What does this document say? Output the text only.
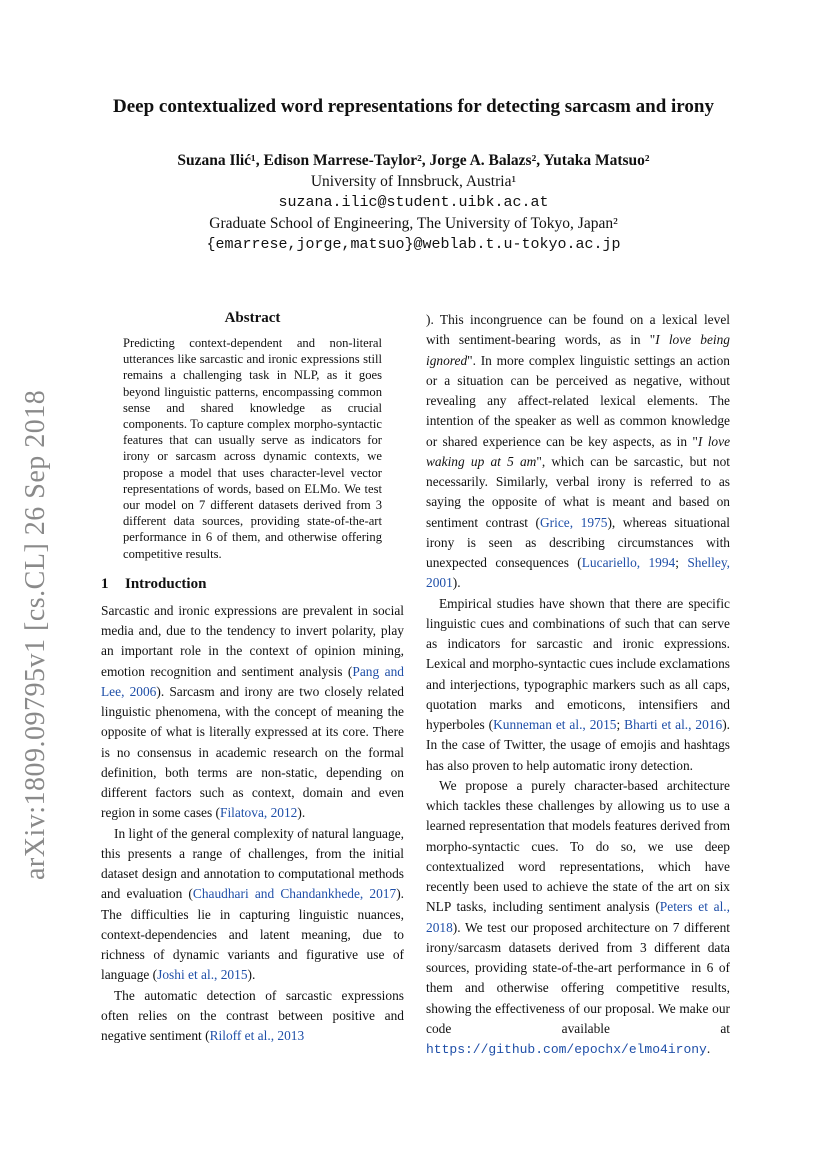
arXiv:1809.09795v1 [cs.CL] 26 Sep 2018
Deep contextualized word representations for detecting sarcasm and irony
Suzana Ilić¹, Edison Marrese-Taylor², Jorge A. Balazs², Yutaka Matsuo²
University of Innsbruck, Austria¹
suzana.ilic@student.uibk.ac.at
Graduate School of Engineering, The University of Tokyo, Japan²
{emarrese,jorge,matsuo}@weblab.t.u-tokyo.ac.jp
Abstract

Predicting context-dependent and non-literal utterances like sarcastic and ironic expressions still remains a challenging task in NLP, as it goes beyond linguistic patterns, encompassing common sense and shared knowledge as crucial components. To capture complex morpho-syntactic features that can usually serve as indicators for irony or sarcasm across dynamic contexts, we propose a model that uses character-level vector representations of words, based on ELMo. We test our model on 7 different datasets derived from 3 different data sources, providing state-of-the-art performance in 6 of them, and otherwise offering competitive results.

1 Introduction

Sarcastic and ironic expressions are prevalent in social media and, due to the tendency to invert polarity, play an important role in the context of opinion mining, emotion recognition and sentiment analysis (Pang and Lee, 2006). Sarcasm and irony are two closely related linguistic phenomena, with the concept of meaning the opposite of what is literally expressed at its core. There is no consensus in academic research on the formal definition, both terms are non-static, depending on different factors such as context, domain and even region in some cases (Filatova, 2012).

In light of the general complexity of natural language, this presents a range of challenges, from the initial dataset design and annotation to computational methods and evaluation (Chaudhari and Chandankhede, 2017). The difficulties lie in capturing linguistic nuances, context-dependencies and latent meaning, due to richness of dynamic variants and figurative use of language (Joshi et al., 2015).

The automatic detection of sarcastic expressions often relies on the contrast between positive and negative sentiment (Riloff et al., 2013

). This incongruence can be found on a lexical level with sentiment-bearing words, as in "I love being ignored". In more complex linguistic settings an action or a situation can be perceived as negative, without revealing any affect-related lexical elements. The intention of the speaker as well as common knowledge or shared experience can be key aspects, as in "I love waking up at 5 am", which can be sarcastic, but not necessarily. Similarly, verbal irony is referred to as saying the opposite of what is meant and based on sentiment contrast (Grice, 1975), whereas situational irony is seen as describing circumstances with unexpected consequences (Lucariello, 1994; Shelley, 2001).

Empirical studies have shown that there are specific linguistic cues and combinations of such that can serve as indicators for sarcastic and ironic expressions. Lexical and morpho-syntactic cues include exclamations and interjections, typographic markers such as all caps, quotation marks and emoticons, intensifiers and hyperboles (Kunneman et al., 2015; Bharti et al., 2016). In the case of Twitter, the usage of emojis and hashtags has also proven to help automatic irony detection.

We propose a purely character-based architecture which tackles these challenges by allowing us to use a learned representation that models features derived from morpho-syntactic cues. To do so, we use deep contextualized word representations, which have recently been used to achieve the state of the art on six NLP tasks, including sentiment analysis (Peters et al., 2018). We test our proposed architecture on 7 different irony/sarcasm datasets derived from 3 different data sources, providing state-of-the-art performance in 6 of them and otherwise offering competitive results, showing the effectiveness of our proposal. We make our code available at https://github.com/epochx/elmo4irony.
